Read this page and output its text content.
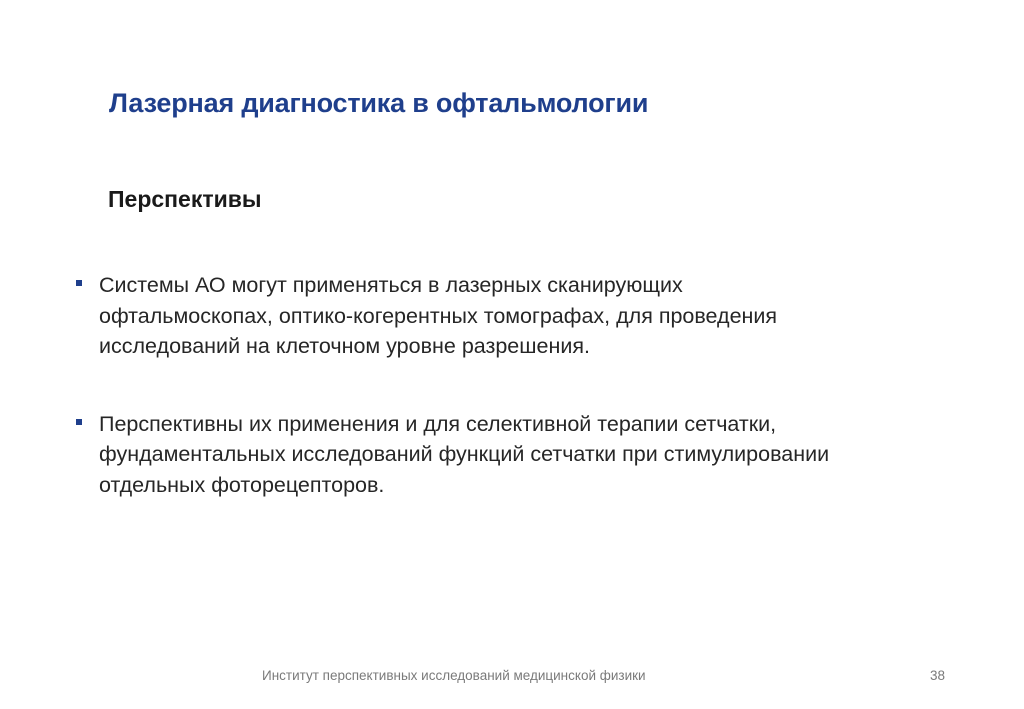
Лазерная диагностика в офтальмологии
Перспективы
Системы АО могут применяться в лазерных сканирующих
офтальмоскопах, оптико-когерентных томографах, для проведения
исследований на клеточном уровне разрешения.
Перспективны их применения и для селективной терапии сетчатки,
фундаментальных исследований функций сетчатки при стимулировании
отдельных фоторецепторов.
Институт перспективных исследований медицинской физики	38
